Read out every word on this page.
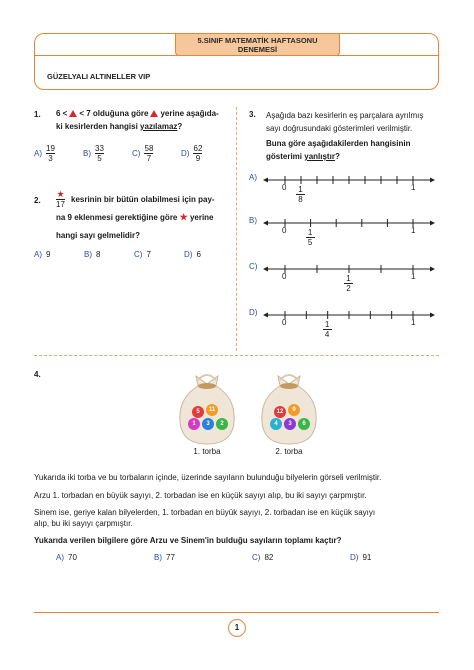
5.SINIF MATEMATİK HAFTASONU
DENEMESİ
GÜZELYALI ALTINELLER VIP
1. 6 < < 7 olduğuna göre yerine aşağıda-
ki kesirlerden hangisi yazılamaz?
$A) \frac{19}{3}$	$B) \frac{33}{5}$	$C) \frac{58}{7}$	$D) \frac{62}{9}$
2. $\frac{★}{17}$ kesrinin bir bütün olabilmesi için pay-
na 9 eklenmesi gerektiğine göre ★ yerine
hangi sayı gelmelidir?
A) 9	B) 8	C) 7	D) 6
3. Aşağıda bazı kesirlerin eş parçalara ayrılmış
sayı doğrusundaki gösterimleri verilmiştir.
Buna göre aşağıdakilerden hangisinin
gösterimi yanlıştır?
A)
0	1
1
8
B)
0	1
1
5
C)
0	1
1
2
D)
0	1
1
4
4.
5	11
1	3	2
1. torba
12	9
4	3	6
2. torba
Yukarıda iki torba ve bu torbaların içinde, üzerinde sayıların bulunduğu bilyelerin görseli verilmiştir.
Arzu 1. torbadan en büyük sayıyı, 2. torbadan ise en küçük sayıyı alıp, bu iki sayıyı çarpmıştır.
Sinem ise, geriye kalan bilyelerden, 1. torbadan en büyük sayıyı, 2. torbadan ise en küçük sayıyı
alıp, bu iki sayıyı çarpmıştır.
Yukarıda verilen bilgilere göre Arzu ve Sinem'in bulduğu sayıların toplamı kaçtır?
A) 70	B) 77	C) 82	D) 91
1
